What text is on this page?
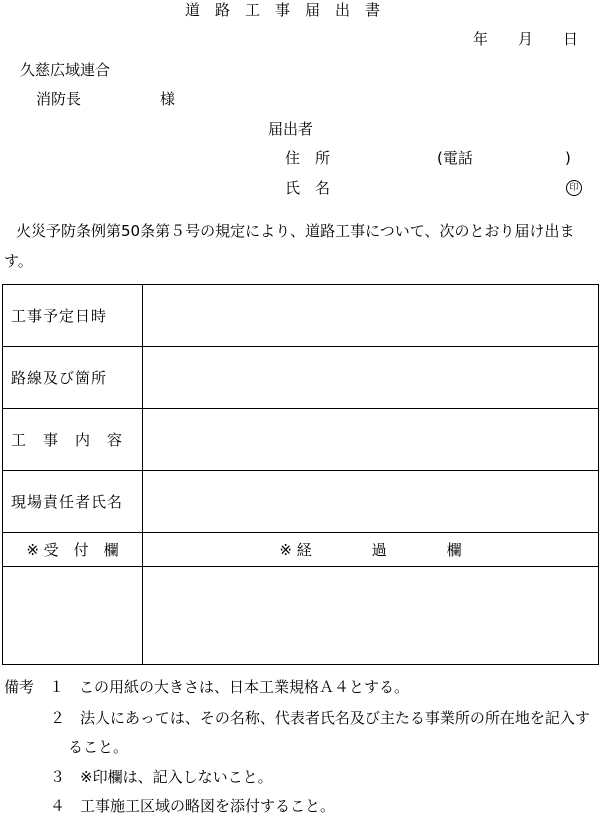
道　路　工　事　届　出　書
年　　月　　日
久慈広域連合
消防長	様
届出者
住　所	(電話	)
氏　名	印
火災予防条例第50条第５号の規定により、道路工事について、次のとおり届け出ま
す。
工事予定日時	
路線及び箇所	
工　事　内　容	
現場責任者氏名	
※ 受　付　欄	※ 経　　　　過　　　　欄

備考　１　この用紙の大きさは、日本工業規格Ａ４とする。
２　法人にあっては、その名称、代表者氏名及び主たる事業所の所在地を記入す
ること。
３　※印欄は、記入しないこと。
４　工事施工区域の略図を添付すること。
